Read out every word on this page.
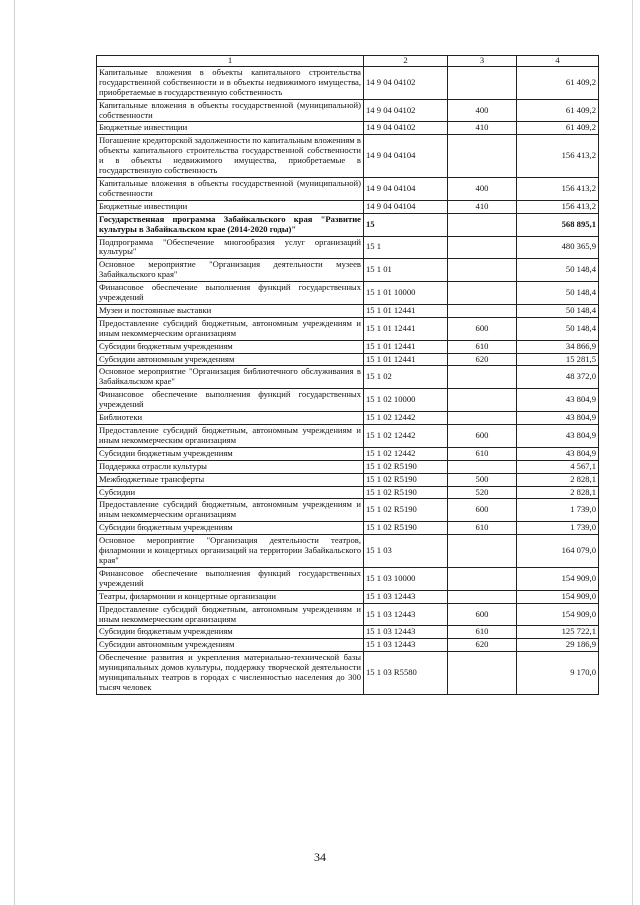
1	2	3	4
Капитальные вложения в объекты капитального строительства государственной собственности и в объекты недвижимого имущества, приобретаемые в государственную собственность	14 9 04 04102		61 409,2
Капитальные вложения в объекты государственной (муниципальной) собственности	14 9 04 04102	400	61 409,2
Бюджетные инвестиции	14 9 04 04102	410	61 409,2
Погашение кредиторской задолженности по капитальным вложениям в объекты капитального строительства государственной собственности и в объекты недвижимого имущества, приобретаемые в государственную собственность	14 9 04 04104		156 413,2
Капитальные вложения в объекты государственной (муниципальной) собственности	14 9 04 04104	400	156 413,2
Бюджетные инвестиции	14 9 04 04104	410	156 413,2
Государственная программа Забайкальского края "Развитие культуры в Забайкальском крае (2014-2020 годы)"	15		568 895,1
Подпрограмма "Обеспечение многообразия услуг организаций культуры"	15 1		480 365,9
Основное мероприятие "Организация деятельности музеев Забайкальского края"	15 1 01		50 148,4
Финансовое обеспечение выполнения функций государственных учреждений	15 1 01 10000		50 148,4
Музеи и постоянные выставки	15 1 01 12441		50 148,4
Предоставление субсидий бюджетным, автономным учреждениям и иным некоммерческим организациям	15 1 01 12441	600	50 148,4
Субсидии бюджетным учреждениям	15 1 01 12441	610	34 866,9
Субсидии автономным учреждениям	15 1 01 12441	620	15 281,5
Основное мероприятие "Организация библиотечного обслуживания в Забайкальском крае"	15 1 02		48 372,0
Финансовое обеспечение выполнения функций государственных учреждений	15 1 02 10000		43 804,9
Библиотеки	15 1 02 12442		43 804,9
Предоставление субсидий бюджетным, автономным учреждениям и иным некоммерческим организациям	15 1 02 12442	600	43 804,9
Субсидии бюджетным учреждениям	15 1 02 12442	610	43 804,9
Поддержка отрасли культуры	15 1 02 R5190		4 567,1
Межбюджетные трансферты	15 1 02 R5190	500	2 828,1
Субсидии	15 1 02 R5190	520	2 828,1
Предоставление субсидий бюджетным, автономным учреждениям и иным некоммерческим организациям	15 1 02 R5190	600	1 739,0
Субсидии бюджетным учреждениям	15 1 02 R5190	610	1 739,0
Основное мероприятие "Организация деятельности театров, филармонии и концертных организаций на территории Забайкальского края"	15 1 03		164 079,0
Финансовое обеспечение выполнения функций государственных учреждений	15 1 03 10000		154 909,0
Театры, филармонии и концертные организации	15 1 03 12443		154 909,0
Предоставление субсидий бюджетным, автономным учреждениям и иным некоммерческим организациям	15 1 03 12443	600	154 909,0
Субсидии бюджетным учреждениям	15 1 03 12443	610	125 722,1
Субсидии автономным учреждениям	15 1 03 12443	620	29 186,9
Обеспечение развития и укрепления материально-технической базы муниципальных домов культуры, поддержку творческой деятельности муниципальных театров в городах с численностью населения до 300 тысяч человек	15 1 03 R5580		9 170,0
34
